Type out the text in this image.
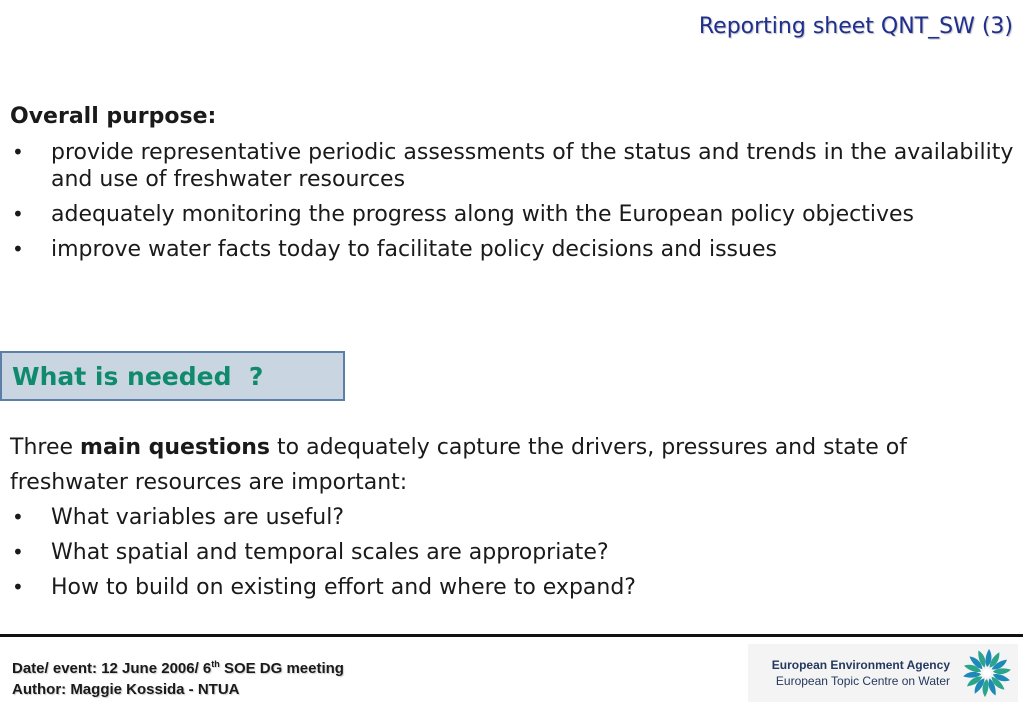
Reporting sheet QNT_SW (3)
Overall purpose:
• provide representative periodic assessments of the status and trends in the availability and use of freshwater resources
• adequately monitoring the progress along with the European policy objectives
• improve water facts today to facilitate policy decisions and issues
What is needed  ?

Three main questions to adequately capture the drivers, pressures and state of freshwater resources are important:

• What variables are useful?
• What spatial and temporal scales are appropriate?
• How to build on existing effort and where to expand?
Date/ event: 12 June 2006/ 6th SOE DG meeting
Author: Maggie Kossida - NTUA
European Environment Agency
European Topic Centre on Water
